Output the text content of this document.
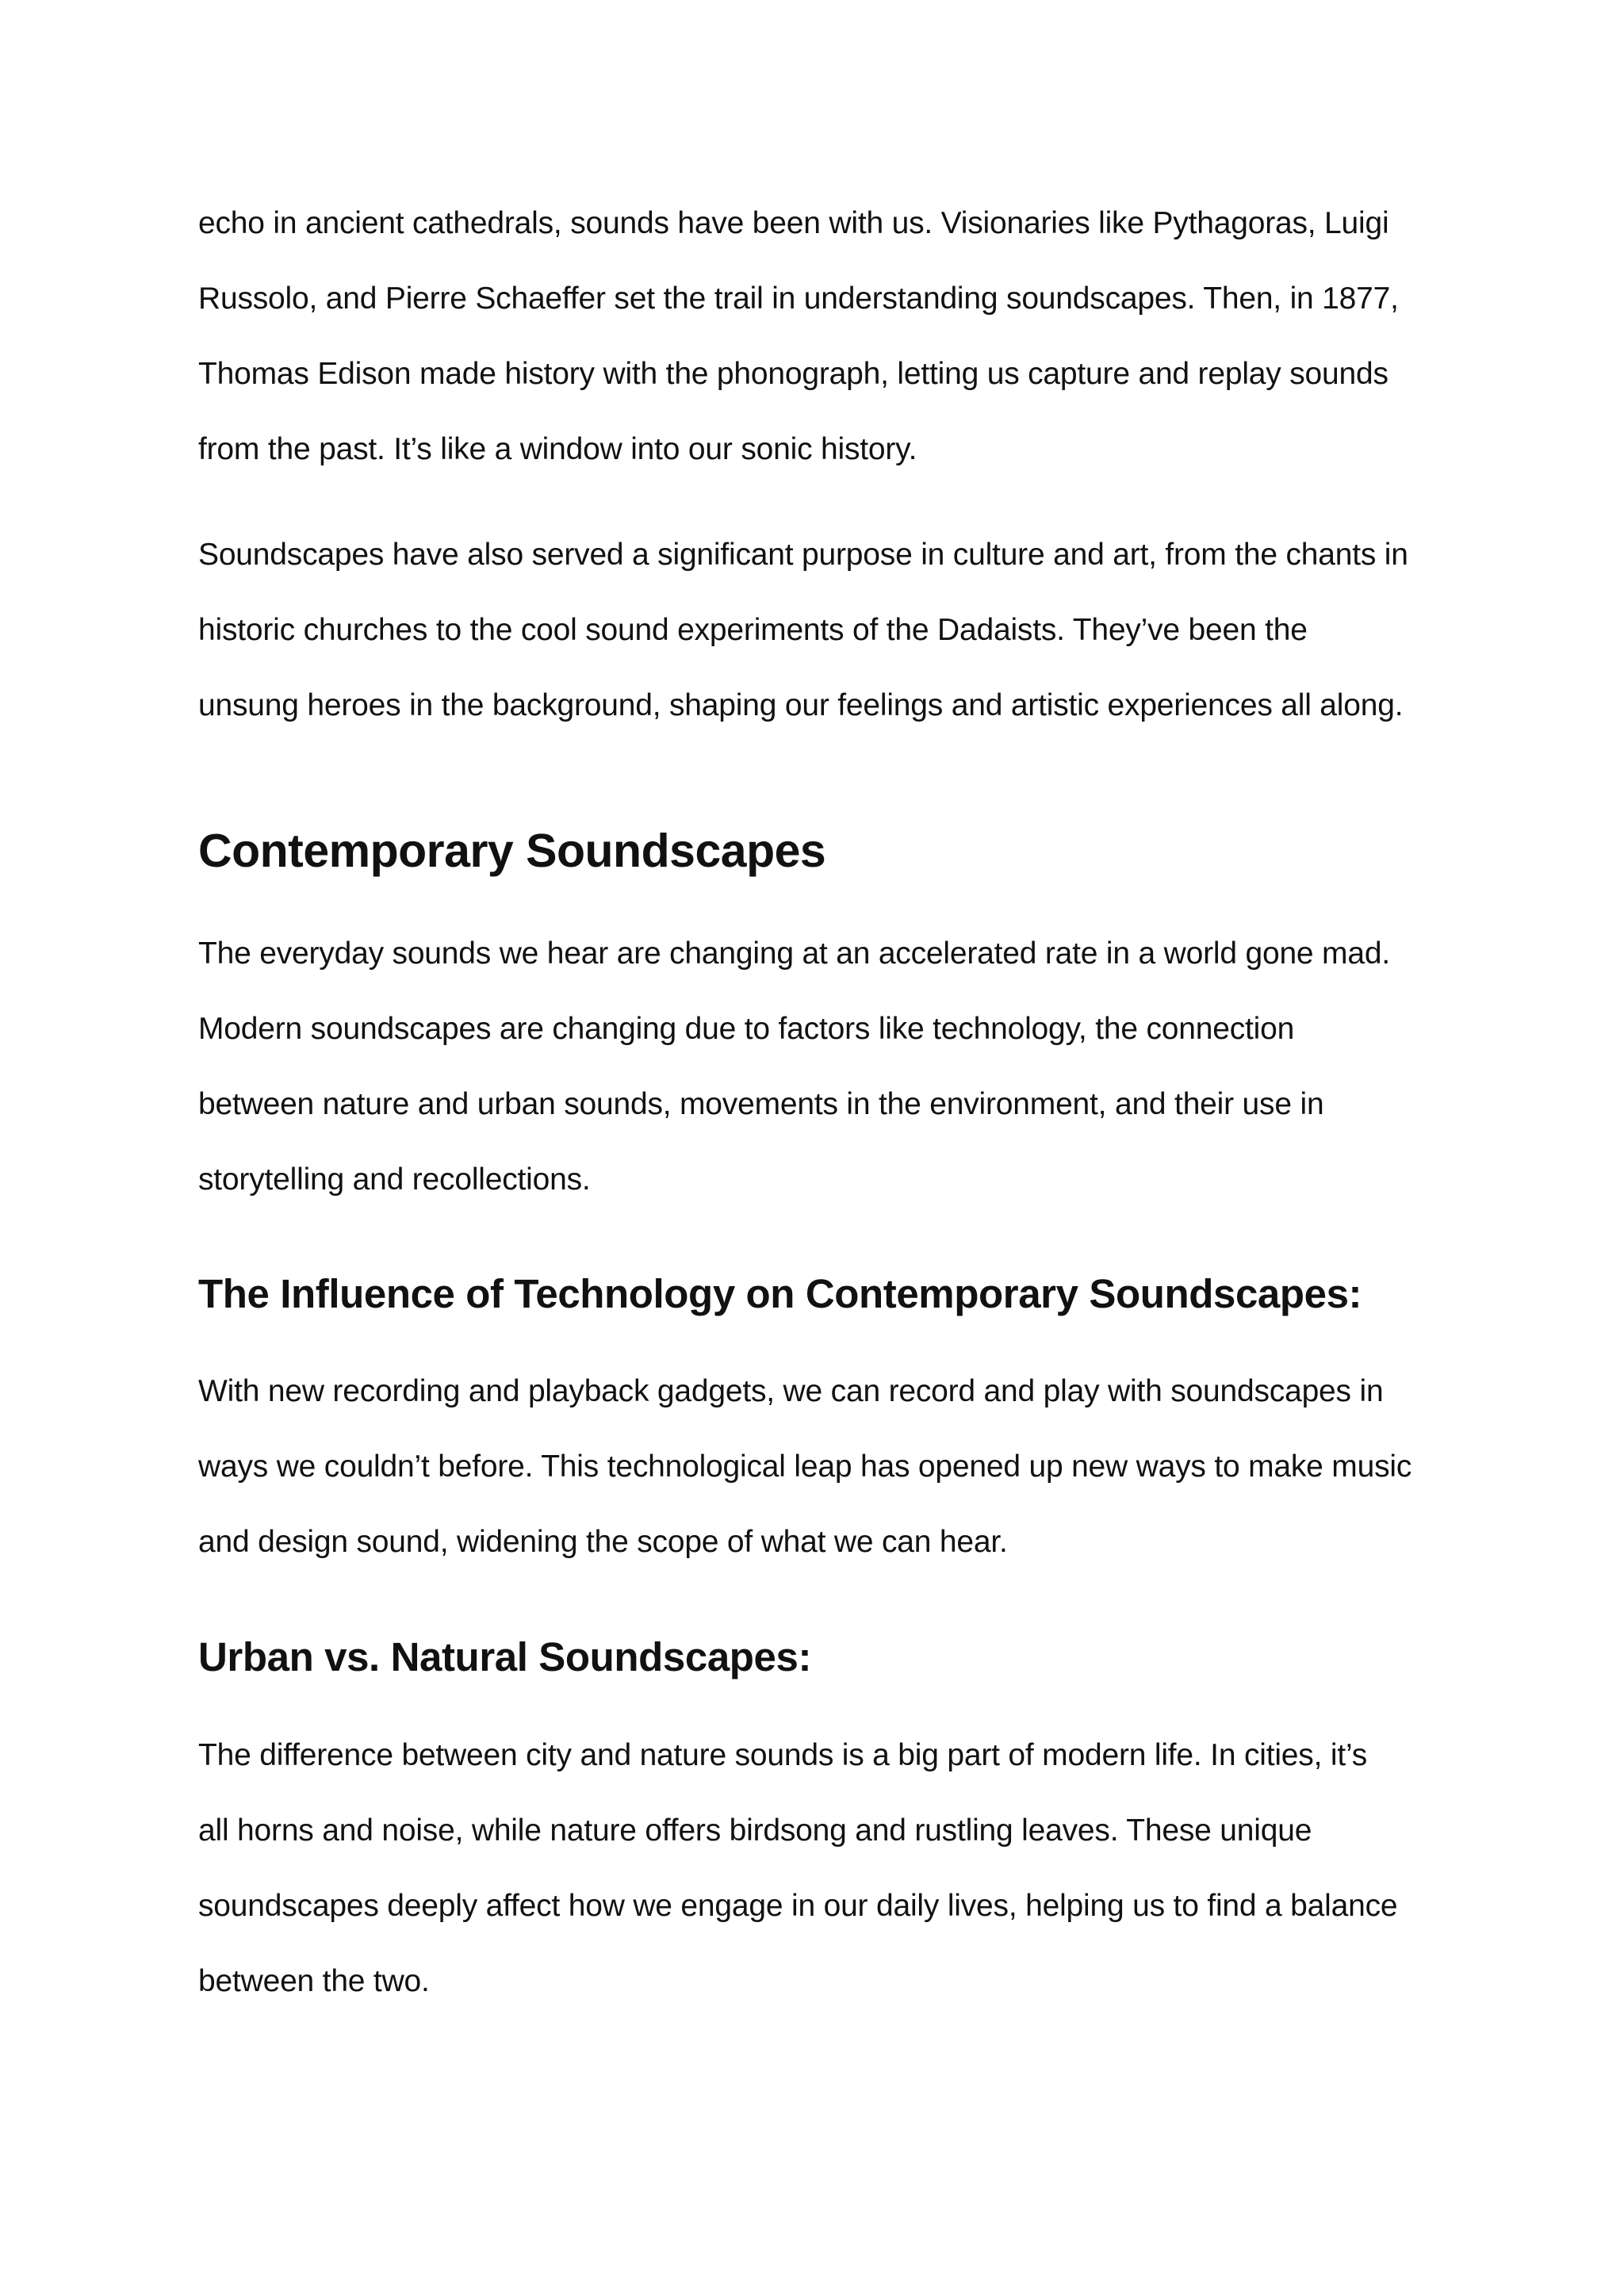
echo in ancient cathedrals, sounds have been with us. Visionaries like Pythagoras, Luigi

Russolo, and Pierre Schaeffer set the trail in understanding soundscapes. Then, in 1877,

Thomas Edison made history with the phonograph, letting us capture and replay sounds

from the past. It’s like a window into our sonic history.

Soundscapes have also served a significant purpose in culture and art, from the chants in

historic churches to the cool sound experiments of the Dadaists. They’ve been the

unsung heroes in the background, shaping our feelings and artistic experiences all along.

Contemporary Soundscapes

The everyday sounds we hear are changing at an accelerated rate in a world gone mad.

Modern soundscapes are changing due to factors like technology, the connection

between nature and urban sounds, movements in the environment, and their use in

storytelling and recollections.

The Influence of Technology on Contemporary Soundscapes:

With new recording and playback gadgets, we can record and play with soundscapes in

ways we couldn’t before. This technological leap has opened up new ways to make music

and design sound, widening the scope of what we can hear.

Urban vs. Natural Soundscapes:

The difference between city and nature sounds is a big part of modern life. In cities, it’s

all horns and noise, while nature offers birdsong and rustling leaves. These unique

soundscapes deeply affect how we engage in our daily lives, helping us to find a balance

between the two.
